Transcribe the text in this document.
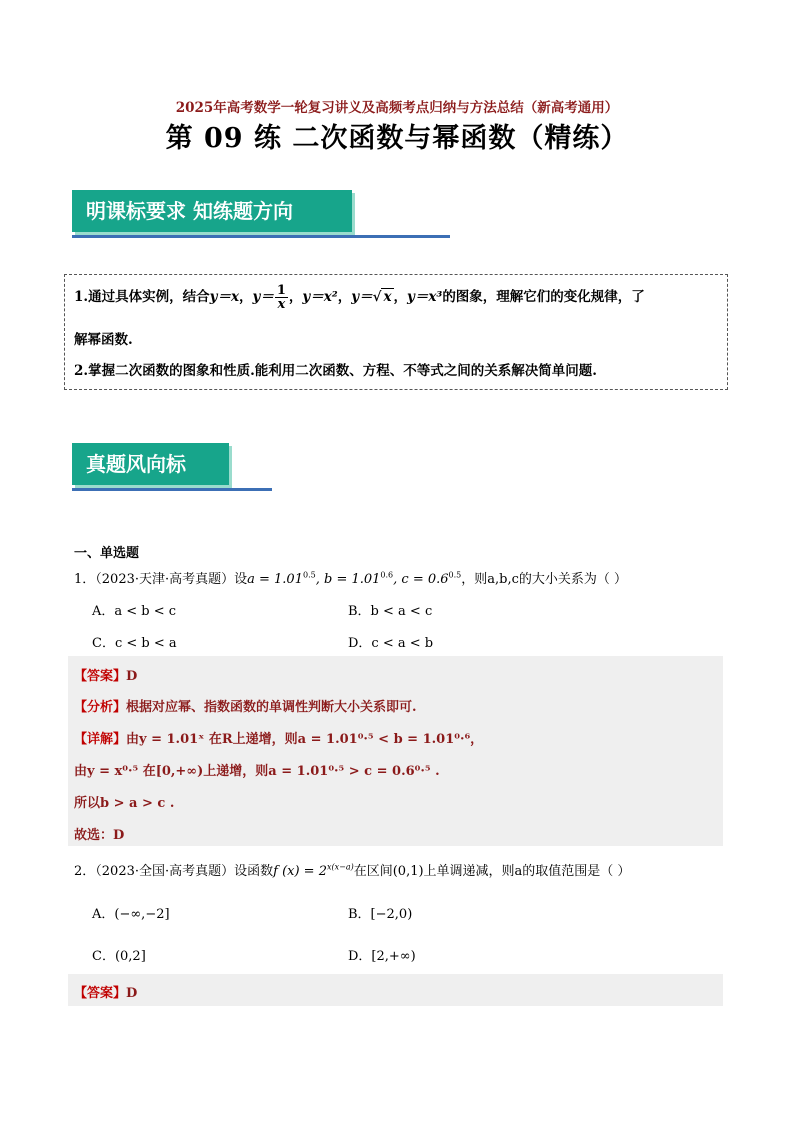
2025年高考数学一轮复习讲义及高频考点归纳与方法总结（新高考通用）
第 09 练 二次函数与幂函数（精练）
明课标要求 知练题方向
1.通过具体实例，结合y＝x，$y= \frac{1}{x}$ ，y＝x²，y＝√ x ，y＝x³的图象，理解它们的变化规律，了
解幂函数.
2.掌握二次函数的图象和性质.能利用二次函数、方程、不等式之间的关系解决简单问题.
真题风向标
一、单选题
1．（2023·天津·高考真题）设$a = 1.01^{0.5}$, $b = 1.01^{0.6}$, $c = 0.6^{0.5}$，则a,b,c的大小关系为（ ）
A．a < b < c	B．b < a < c
C．c < b < a	D．c < a < b
【答案】D
【分析】根据对应幂、指数函数的单调性判断大小关系即可.
【详解】由y = 1.01ˣ 在R上递增，则a = 1.01⁰·⁵ < b = 1.01⁰·⁶，
由y = x⁰·⁵ 在[0,+∞)上递增，则a = 1.01⁰·⁵ > c = 0.6⁰·⁵ .
所以b > a > c .
故选：D
2．（2023·全国·高考真题）设函数f $(x) = 2^{x(x-a)}$在区间(0,1)上单调递减，则a的取值范围是（ ）
A．(−∞,−2]	B．[−2,0)
C．(0,2]	D．[2,+∞)
【答案】D
